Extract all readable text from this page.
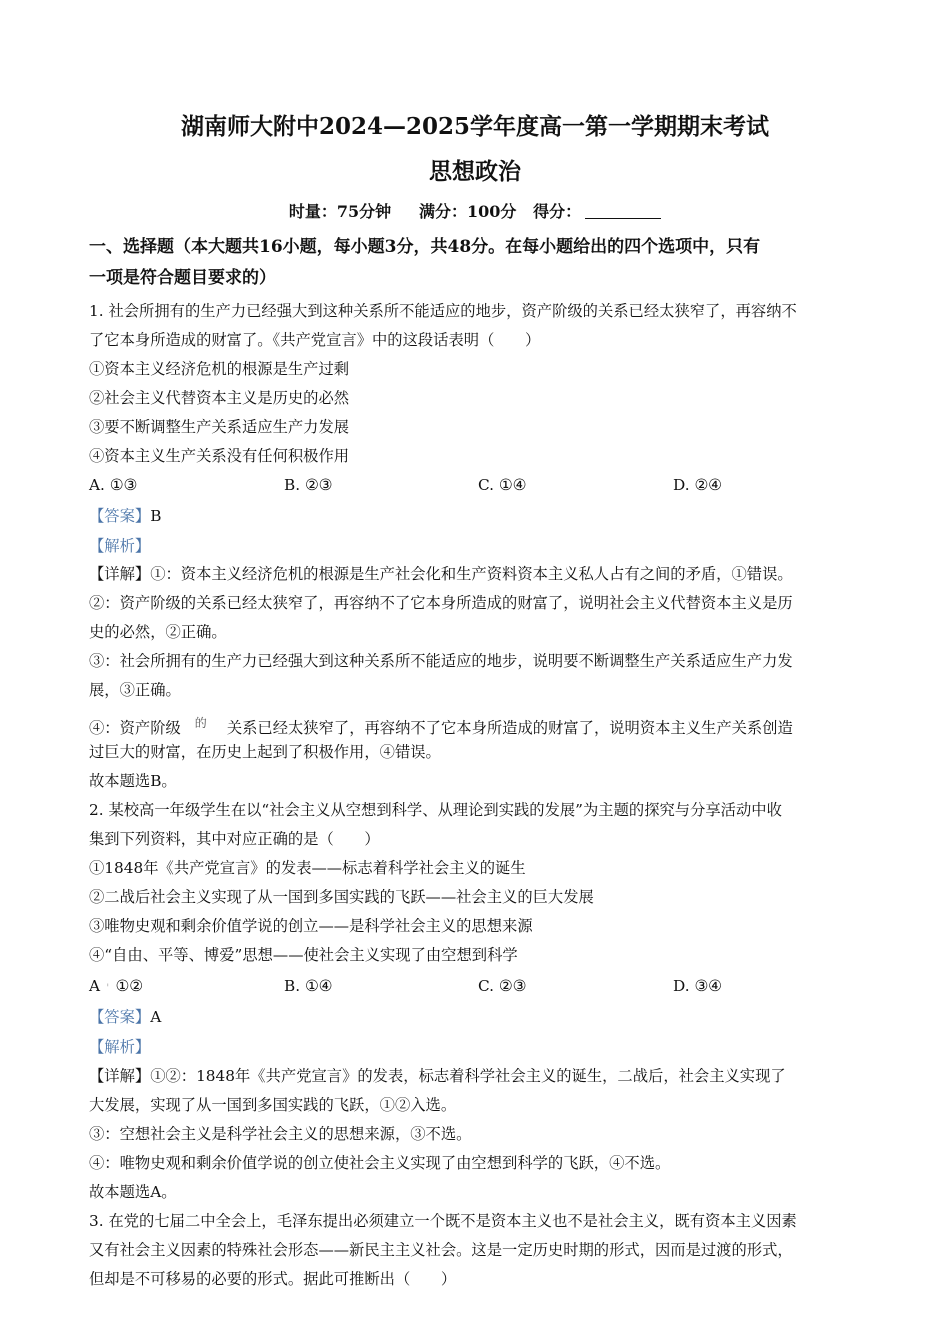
湖南师大附中2024—2025学年度高一第一学期期末考试
思想政治
时量：75分钟 满分：100分 得分：
一、选择题（本大题共16小题，每小题3分，共48分。在每小题给出的四个选项中，只有
一项是符合题目要求的）
1. 社会所拥有的生产力已经强大到这种关系所不能适应的地步，资产阶级的关系已经太狭窄了，再容纳不
了它本身所造成的财富了。《共产党宣言》中的这段话表明（　　）
①资本主义经济危机的根源是生产过剩
②社会主义代替资本主义是历史的必然
③要不断调整生产关系适应生产力发展
④资本主义生产关系没有任何积极作用
A. ①③	B. ②③	C. ①④	D. ②④
【答案】B
【解析】
【详解】①：资本主义经济危机的根源是生产社会化和生产资料资本主义私人占有之间的矛盾，①错误。
②：资产阶级的关系已经太狭窄了，再容纳不了它本身所造成的财富了，说明社会主义代替资本主义是历
史的必然，②正确。
③：社会所拥有的生产力已经强大到这种关系所不能适应的地步，说明要不断调整生产关系适应生产力发
展，③正确。
④：资产阶级 $^的$ 关系已经太狭窄了，再容纳不了它本身所造成的财富了，说明资本主义生产关系创造
过巨大的财富，在历史上起到了积极作用，④错误。
故本题选B。
2. 某校高一年级学生在以“社会主义从空想到科学、从理论到实践的发展”为主题的探究与分享活动中收
集到下列资料，其中对应正确的是（　　）
①1848年《共产党宣言》的发表——标志着科学社会主义的诞生
②二战后社会主义实现了从一国到多国实践的飞跃——社会主义的巨大发展
③唯物史观和剩余价值学说的创立——是科学社会主义的思想来源
④“自由、平等、博爱”思想——使社会主义实现了由空想到科学
A  '  ①②	B. ①④	C. ②③	D. ③④
【答案】A
【解析】
【详解】①②：1848年《共产党宣言》的发表，标志着科学社会主义的诞生，二战后，社会主义实现了
大发展，实现了从一国到多国实践的飞跃，①②入选。
③：空想社会主义是科学社会主义的思想来源，③不选。
④：唯物史观和剩余价值学说的创立使社会主义实现了由空想到科学的飞跃，④不选。
故本题选A。
3. 在党的七届二中全会上，毛泽东提出必须建立一个既不是资本主义也不是社会主义，既有资本主义因素
又有社会主义因素的特殊社会形态——新民主主义社会。这是一定历史时期的形式，因而是过渡的形式，
但却是不可移易的必要的形式。据此可推断出（　　）
